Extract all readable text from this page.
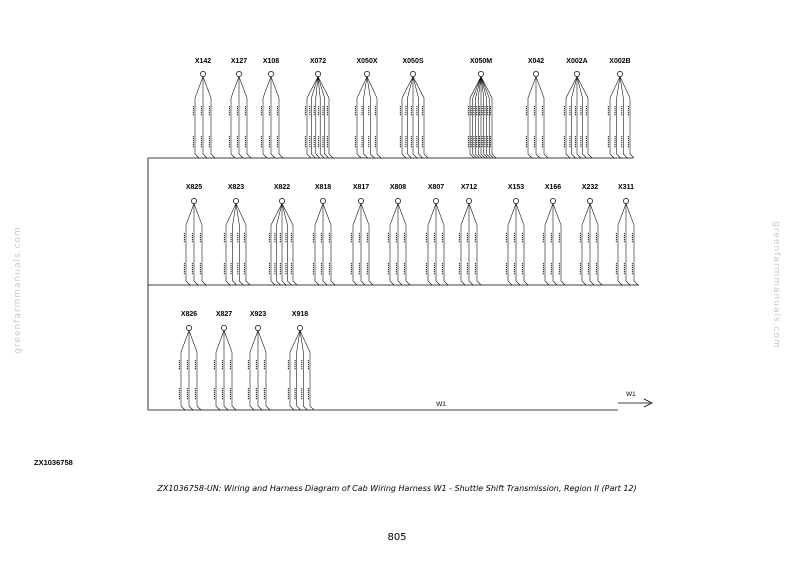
X142	X127 X108	X072	X050X	X050S	X050M	X042	X002A	X002B
X825	X823	X822	X818	X817	X808	X807 X712	X153	X166	X232	X311
X826	X827	X923	X918
W1
W1
greenfarmmanuals.com	greenfarmmanuals.com
ZX1036758
ZX1036758-UN: Wiring and Harness Diagram of Cab Wiring Harness W1 - Shuttle Shift Transmission, Region II (Part 12)
805
